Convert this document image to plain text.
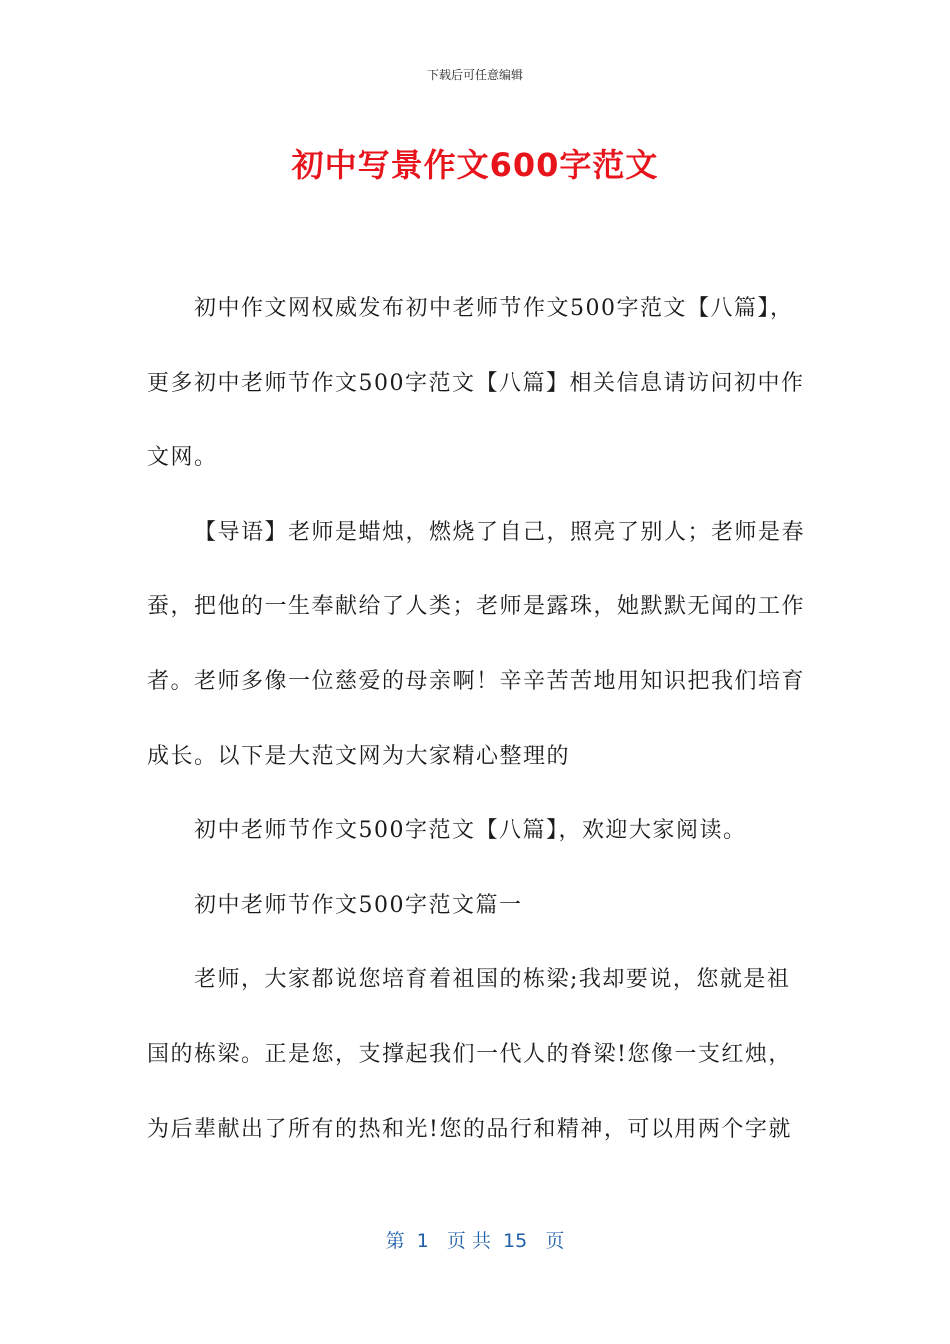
下载后可任意编辑
初中写景作文600字范文

初中作文网权威发布初中老师节作文500字范文【八篇】，更多初中老师节作文500字范文【八篇】相关信息请访问初中作文网。

【导语】老师是蜡烛，燃烧了自己，照亮了别人；老师是春蚕，把他的一生奉献给了人类；老师是露珠，她默默无闻的工作者。老师多像一位慈爱的母亲啊！辛辛苦苦地用知识把我们培育成长。以下是大范文网为大家精心整理的

初中老师节作文500字范文【八篇】，欢迎大家阅读。

初中老师节作文500字范文篇一

老师，大家都说您培育着祖国的栋梁;我却要说，您就是祖国的栋梁。正是您，支撑起我们一代人的脊梁!您像一支红烛，为后辈献出了所有的热和光!您的品行和精神，可以用两个字就

第  1   页 共  15   页
